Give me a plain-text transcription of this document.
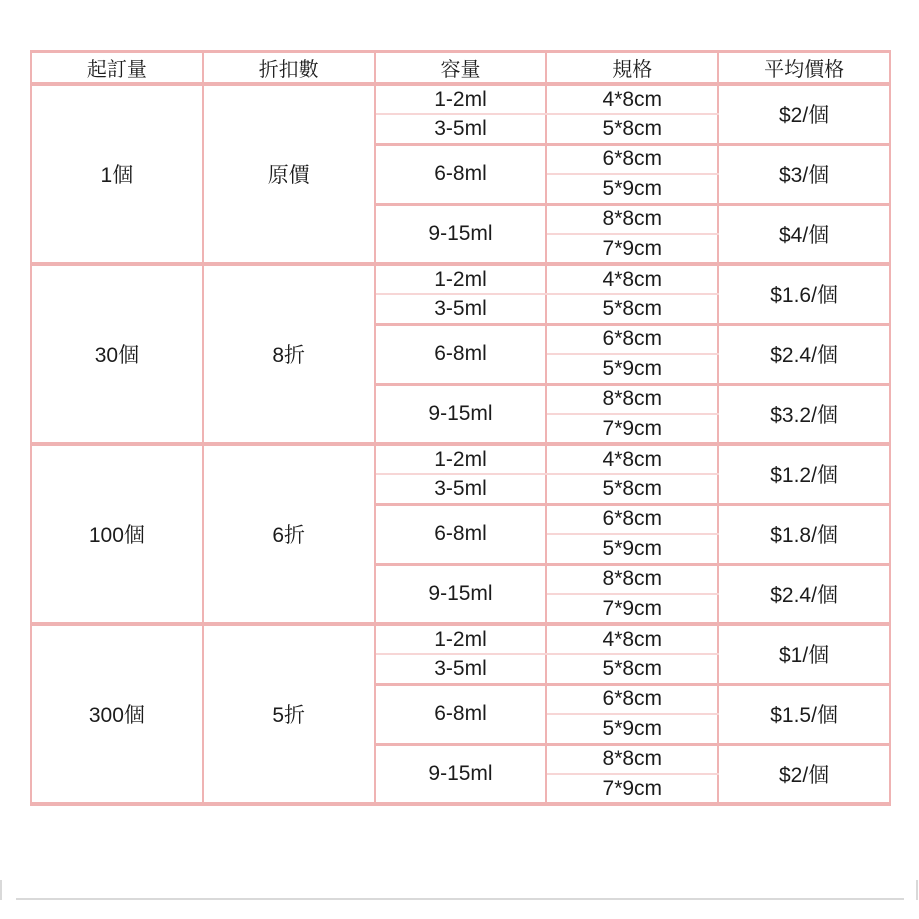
起訂量	折扣數	容量	規格	平均價格
1個	原價	1-2ml	4*8cm	$2/個
		3-5ml	5*8cm	
		6-8ml	6*8cm	$3/個
			5*9cm	
		9-15ml	8*8cm	$4/個
			7*9cm	
30個	8折	1-2ml	4*8cm	$1.6/個
		3-5ml	5*8cm	
		6-8ml	6*8cm	$2.4/個
			5*9cm	
		9-15ml	8*8cm	$3.2/個
			7*9cm	
100個	6折	1-2ml	4*8cm	$1.2/個
		3-5ml	5*8cm	
		6-8ml	6*8cm	$1.8/個
			5*9cm	
		9-15ml	8*8cm	$2.4/個
			7*9cm	
300個	5折	1-2ml	4*8cm	$1/個
		3-5ml	5*8cm	
		6-8ml	6*8cm	$1.5/個
			5*9cm	
		9-15ml	8*8cm	$2/個
			7*9cm	
